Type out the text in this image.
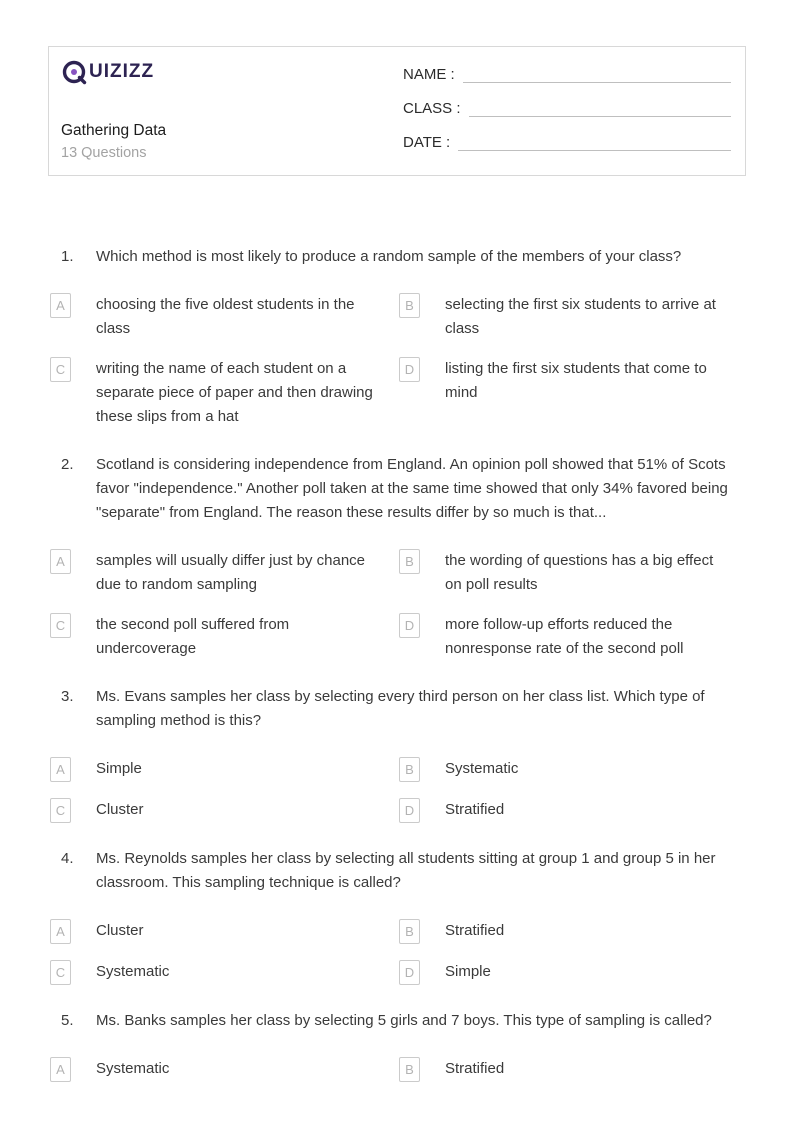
UIZIZZ
Gathering Data
13 Questions
NAME :
CLASS :
DATE :
1.	Which method is most likely to produce a random sample of the members of your class?
A	choosing the five oldest students in the class
B	selecting the first six students to arrive at class
C	writing the name of each student on a separate piece of paper and then drawing these slips from a hat
D	listing the first six students that come to mind
2.	Scotland is considering independence from England. An opinion poll showed that 51% of Scots favor "independence." Another poll taken at the same time showed that only 34% favored being "separate" from England. The reason these results differ by so much is that...
A	samples will usually differ just by chance due to random sampling
B	the wording of questions has a big effect on poll results
C	the second poll suffered from undercoverage
D	more follow-up efforts reduced the nonresponse rate of the second poll
3.	Ms. Evans samples her class by selecting every third person on her class list. Which type of sampling method is this?
A	Simple	B	Systematic
C	Cluster	D	Stratified
4.	Ms. Reynolds samples her class by selecting all students sitting at group 1 and group 5 in her classroom. This sampling technique is called?
A	Cluster	B	Stratified
C	Systematic	D	Simple
5.	Ms. Banks samples her class by selecting 5 girls and 7 boys. This type of sampling is called?
A	Systematic	B	Stratified
